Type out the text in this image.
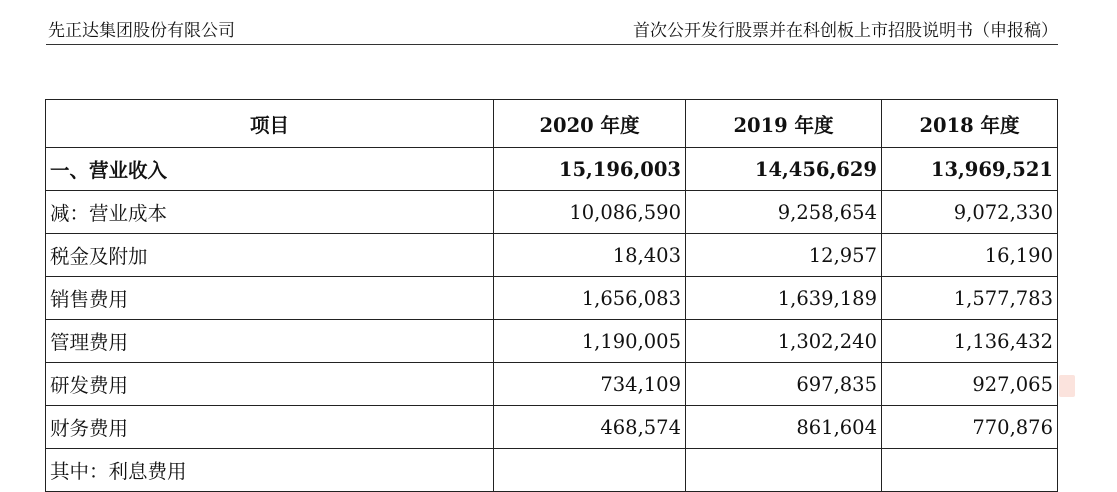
先正达集团股份有限公司	首次公开发行股票并在科创板上市招股说明书（申报稿）
项目	2020 年度	2019 年度	2018 年度
一、营业收入	15,196,003	14,456,629	13,969,521
减：营业成本	10,086,590	9,258,654	9,072,330
税金及附加	18,403	12,957	16,190
销售费用	1,656,083	1,639,189	1,577,783
管理费用	1,190,005	1,302,240	1,136,432
研发费用	734,109	697,835	927,065
财务费用	468,574	861,604	770,876
其中：利息费用			
